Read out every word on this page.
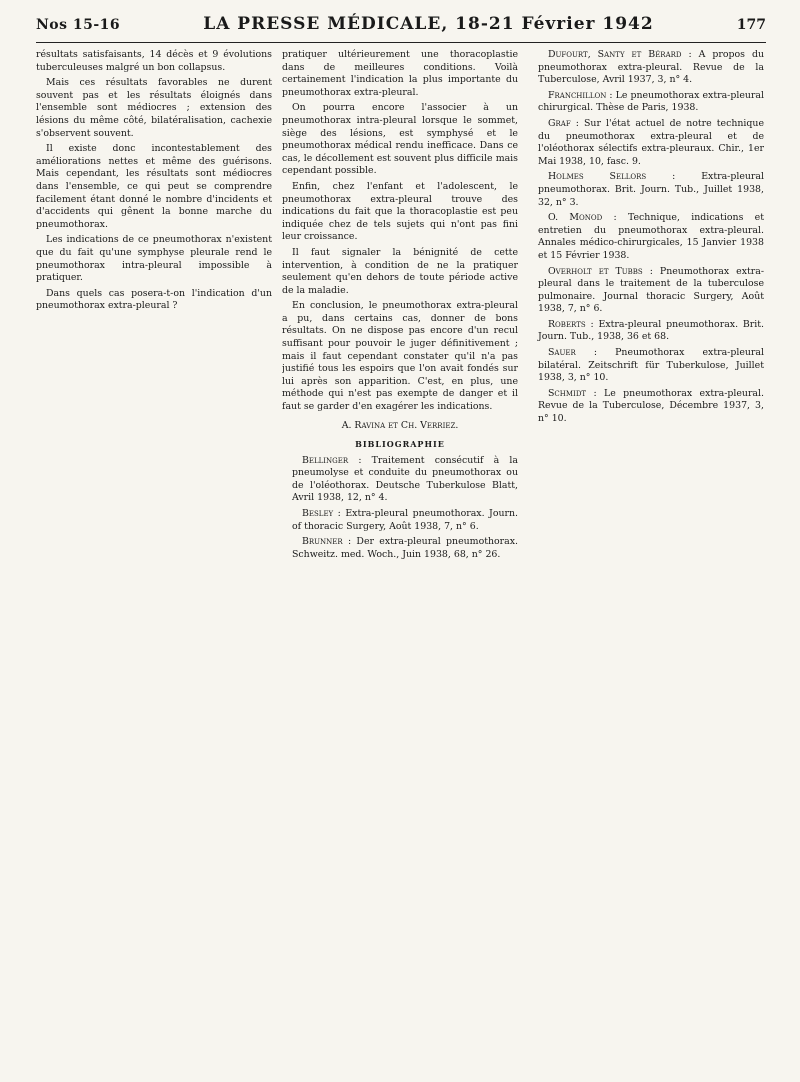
Nos 15-16	LA PRESSE MÉDICALE, 18-21 Février 1942	177

résultats satisfaisants, 14 décès et 9 évolutions tuberculeuses malgré un bon collapsus.

Mais ces résultats favorables ne durent souvent pas et les résultats éloignés dans l'ensemble sont médiocres ; extension des lésions du même côté, bilatéralisation, cachexie s'observent souvent.

Il existe donc incontestablement des améliorations nettes et même des guérisons. Mais cependant, les résultats sont médiocres dans l'ensemble, ce qui peut se comprendre facilement étant donné le nombre d'incidents et d'accidents qui gênent la bonne marche du pneumothorax.

Les indications de ce pneumothorax n'existent que du fait qu'une symphyse pleurale rend le pneumothorax intra-pleural impossible à pratiquer.

Dans quels cas posera-t-on l'indication d'un pneumothorax extra-pleural ?

pratiquer ultérieurement une thoracoplastie dans de meilleures conditions. Voilà certainement l'indication la plus importante du pneumothorax extra-pleural.

On pourra encore l'associer à un pneumothorax intra-pleural lorsque le sommet, siège des lésions, est symphysé et le pneumothorax médical rendu inefficace. Dans ce cas, le décollement est souvent plus difficile mais cependant possible.

Enfin, chez l'enfant et l'adolescent, le pneumothorax extra-pleural trouve des indications du fait que la thoracoplastie est peu indiquée chez de tels sujets qui n'ont pas fini leur croissance.

Il faut signaler la bénignité de cette intervention, à condition de ne la pratiquer seulement qu'en dehors de toute période active de la maladie.

En conclusion, le pneumothorax extra-pleural a pu, dans certains cas, donner de bons résultats. On ne dispose pas encore d'un recul suffisant pour pouvoir le juger définitivement ; mais il faut cependant constater qu'il n'a pas justifié tous les espoirs que l'on avait fondés sur lui après son apparition. C'est, en plus, une méthode qui n'est pas exempte de danger et il faut se garder d'en exagérer les indications.

A. Ravina et Ch. Verriez.
BIBLIOGRAPHIE

Bellinger : Traitement consécutif à la pneumolyse et conduite du pneumothorax ou de l'oléothorax. Deutsche Tuberkulose Blatt, Avril 1938, 12, n° 4.

Besley : Extra-pleural pneumothorax. Journ. of thoracic Surgery, Août 1938, 7, n° 6.

Brunner : Der extra-pleural pneumothorax. Schweitz. med. Woch., Juin 1938, 68, n° 26.

Dufourt, Santy et Bérard : A propos du pneumothorax extra-pleural. Revue de la Tuberculose, Avril 1937, 3, n° 4.

Franchillon : Le pneumothorax extra-pleural chirurgical. Thèse de Paris, 1938.

Graf : Sur l'état actuel de notre technique du pneumothorax extra-pleural et de l'oléothorax sélectifs extra-pleuraux. Chir., 1er Mai 1938, 10, fasc. 9.

Holmes Sellors : Extra-pleural pneumothorax. Brit. Journ. Tub., Juillet 1938, 32, n° 3.

O. Monod : Technique, indications et entretien du pneumothorax extra-pleural. Annales médico-chirurgicales, 15 Janvier 1938 et 15 Février 1938.

Overholt et Tubbs : Pneumothorax extra-pleural dans le traitement de la tuberculose pulmonaire. Journal thoracic Surgery, Août 1938, 7, n° 6.

Roberts : Extra-pleural pneumothorax. Brit. Journ. Tub., 1938, 36 et 68.

Sauer : Pneumothorax extra-pleural bilatéral. Zeitschrift für Tuberkulose, Juillet 1938, 3, n° 10.

Schmidt : Le pneumothorax extra-pleural. Revue de la Tuberculose, Décembre 1937, 3, n° 10.
